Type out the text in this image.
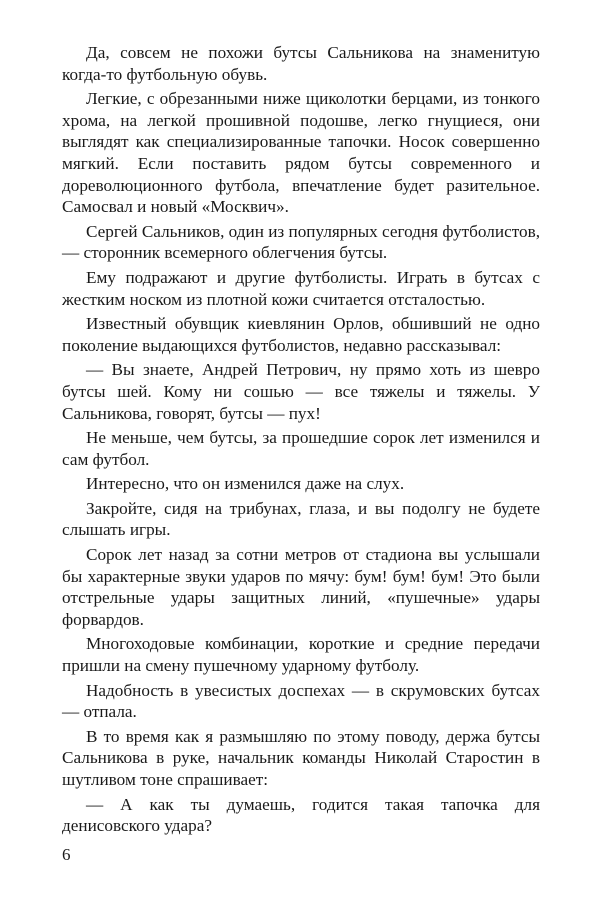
Да, совсем не похожи бутсы Сальникова на знаменитую когда-то футбольную обувь.

Легкие, с обрезанными ниже щиколотки берцами, из тонкого хрома, на легкой прошивной подошве, легко гнущиеся, они выглядят как специализированные тапочки. Носок совершенно мягкий. Если поставить рядом бутсы современного и дореволюционного футбола, впечатление будет разительное. Самосвал и новый «Москвич».

Сергей Сальников, один из популярных сегодня футболистов, — сторонник всемерного облегчения бутсы.

Ему подражают и другие футболисты. Играть в бутсах с жестким носком из плотной кожи считается отсталостью.

Известный обувщик киевлянин Орлов, обшивший не одно поколение выдающихся футболистов, недавно рассказывал:

— Вы знаете, Андрей Петрович, ну прямо хоть из шевро бутсы шей. Кому ни сошью — все тяжелы и тяжелы. У Сальникова, говорят, бутсы — пух!

Не меньше, чем бутсы, за прошедшие сорок лет изменился и сам футбол.

Интересно, что он изменился даже на слух.

Закройте, сидя на трибунах, глаза, и вы подолгу не будете слышать игры.

Сорок лет назад за сотни метров от стадиона вы услышали бы характерные звуки ударов по мячу: бум! бум! бум! Это были отстрельные удары защитных линий, «пушечные» удары форвардов.

Многоходовые комбинации, короткие и средние передачи пришли на смену пушечному ударному футболу.

Надобность в увесистых доспехах — в скрумовских бутсах — отпала.

В то время как я размышляю по этому поводу, держа бутсы Сальникова в руке, начальник команды Николай Старостин в шутливом тоне спрашивает:

— А как ты думаешь, годится такая тапочка для денисовского удара?

6
